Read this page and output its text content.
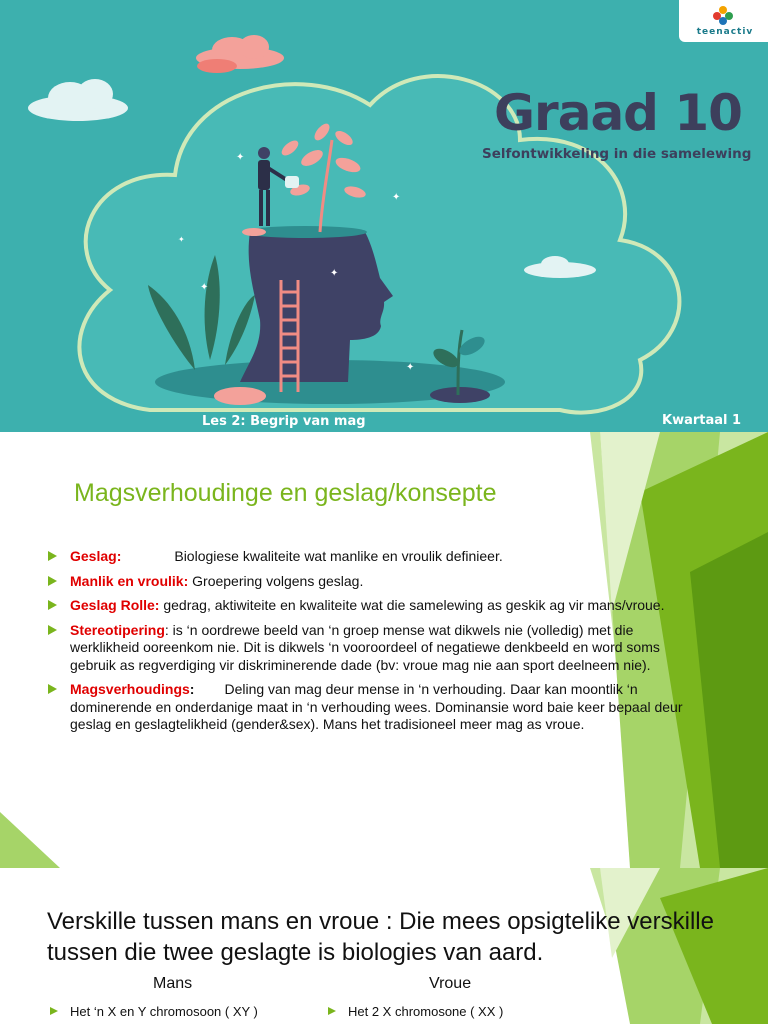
✦
✦
✦
✦
✦
✦
teenactiv
Graad 10
Selfontwikkeling in die samelewing
Les 2: Begrip van mag	Kwartaal 1
Magsverhoudinge en geslag/konsepte
Geslag:	Biologiese kwaliteite wat manlike en vroulik definieer.
Manlik en vroulik: Groepering volgens geslag.
Geslag Rolle: gedrag, aktiwiteite en kwaliteite wat die samelewing as geskik ag vir mans/vroue.
Stereotipering: is ‘n oordrewe beeld van ‘n groep mense wat dikwels nie (volledig) met die werklikheid ooreenkom nie. Dit is dikwels ‘n vooroordeel of negatiewe denkbeeld en word soms gebruik as regverdiging vir diskriminerende dade (bv: vroue mag nie aan sport deelneem nie).
Magsverhoudings: Deling van mag deur mense in ‘n verhouding. Daar kan moontlik ‘n dominerende en onderdanige maat in ‘n verhouding wees. Dominansie word baie keer bepaal deur geslag en geslagtelikheid (gender&sex). Mans het tradisioneel meer mag as vroue.
Verskille tussen mans en vroue : Die mees opsigtelike verskille tussen die twee geslagte is biologies van aard.
Mans	Vroue
Het ‘n X en Y chromosoon ( XY )	Het 2 X chromosone ( XX )
